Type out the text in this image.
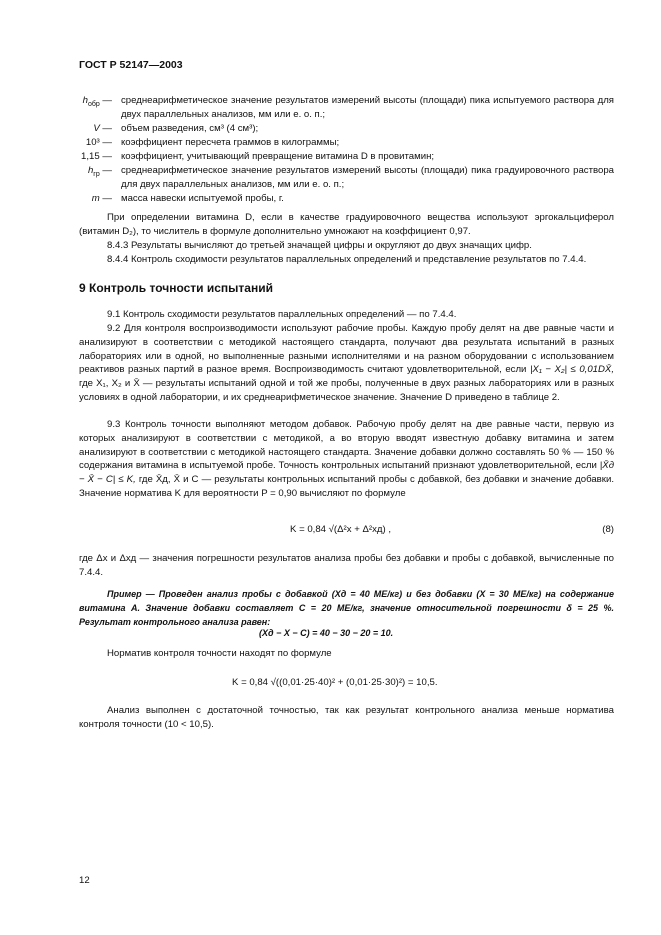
ГОСТ Р 52147—2003
$h_{обр}$ — среднеарифметическое значение результатов измерений высоты (площади) пика испытуемого раствора для двух параллельных анализов, мм или е. о. п.;
V — объем разведения, см³ (4 см³);
10³ — коэффициент пересчета граммов в килограммы;
1,15 — коэффициент, учитывающий превращение витамина D в провитамин;
$h_{гр}$ — среднеарифметическое значение результатов измерений высоты (площади) пика градуировочного раствора для двух параллельных анализов, мм или е. о. п.;
m — масса навески испытуемой пробы, г.
При определении витамина D, если в качестве градуировочного вещества используют эргокальциферол (витамин D₂), то числитель в формуле дополнительно умножают на коэффициент 0,97.
8.4.3 Результаты вычисляют до третьей значащей цифры и округляют до двух значащих цифр.
8.4.4 Контроль сходимости результатов параллельных определений и представление результатов по 7.4.4.
9 Контроль точности испытаний
9.1 Контроль сходимости результатов параллельных определений — по 7.4.4.
9.2 Для контроля воспроизводимости используют рабочие пробы. Каждую пробу делят на две равные части и анализируют в соответствии с методикой настоящего стандарта, получают два результата испытаний в разных лабораториях или в одной, но выполненные разными исполнителями и на разном оборудовании с использованием реактивов разных партий в разное время. Воспроизводимость считают удовлетворительной, если |X₁ − X₂| ≤ 0,01DX̄, где X₁, X₂ и X̄ — результаты испытаний одной и той же пробы, полученные в двух разных лабораториях или в разных условиях в одной лаборатории, и их среднеарифметическое значение. Значение D приведено в таблице 2.
9.3 Контроль точности выполняют методом добавок. Рабочую пробу делят на две равные части, первую из которых анализируют в соответствии с методикой, а во вторую вводят известную добавку витамина и затем анализируют в соответствии с методикой настоящего стандарта. Значение добавки должно составлять 50 % — 150 % содержания витамина в испытуемой пробе. Точность контрольных испытаний признают удовлетворительной, если |X̄д − X̄ − C| ≤ K, где X̄д, X̄ и C — результаты контрольных испытаний пробы с добавкой, без добавки и значение добавки. Значение норматива K для вероятности P = 0,90 вычисляют по формуле
K = 0,84 √(Δ²x + Δ²xд) ,	(8)
где Δx и Δxд — значения погрешности результатов анализа пробы без добавки и пробы с добавкой, вычисленные по 7.4.4.
Пример — Проведен анализ пробы с добавкой (Xд = 40 МЕ/кг) и без добавки (X = 30 МЕ/кг) на содержание витамина A. Значение добавки составляет C = 20 МЕ/кг, значение относительной погрешности δ = 25 %. Результат контрольного анализа равен:
(Xд − X − C) = 40 − 30 − 20 = 10.
Норматив контроля точности находят по формуле
K = 0,84 √((0,01·25·40)² + (0,01·25·30)²) = 10,5.
Анализ выполнен с достаточной точностью, так как результат контрольного анализа меньше норматива контроля точности (10 < 10,5).
12
